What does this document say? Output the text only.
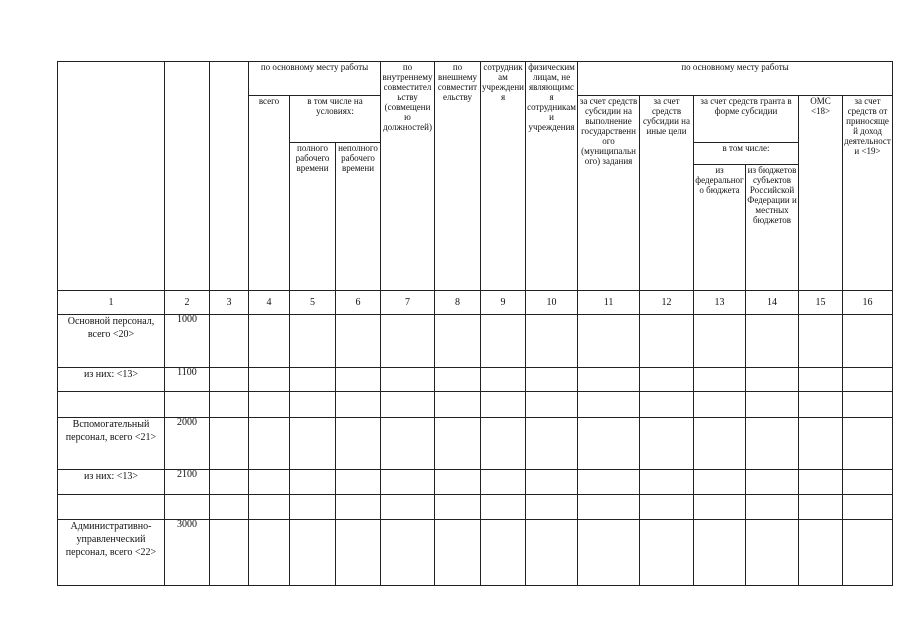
			по основному месту работы			по внутреннему совместительству (совмещению должностей)	по внешнему совместительству	сотрудникам учреждения	физическим лицам, не являющимся сотрудниками учреждения	по основному месту работы					
			всего	в том числе на условиях:						за счет средств субсидии на выполнение государственного (муниципального) задания	за счет средств субсидии на иные цели	за счет средств гранта в форме субсидии		ОМС <18>	за счет средств от приносящей доход деятельности <19>
				полного рабочего времени	неполного рабочего времени							в том числе:			
												из федерального бюджета	из бюджетов субъектов Российской Федерации и местных бюджетов		
1	2	3	4	5	6	7	8	9	10	11	12	13	14	15	16
Основной персонал, всего <20>	1000														
из них: <13>	1100														

Вспомогательный персонал, всего <21>	2000														
из них: <13>	2100														

Административно-управленческий персонал, всего <22>	3000														
